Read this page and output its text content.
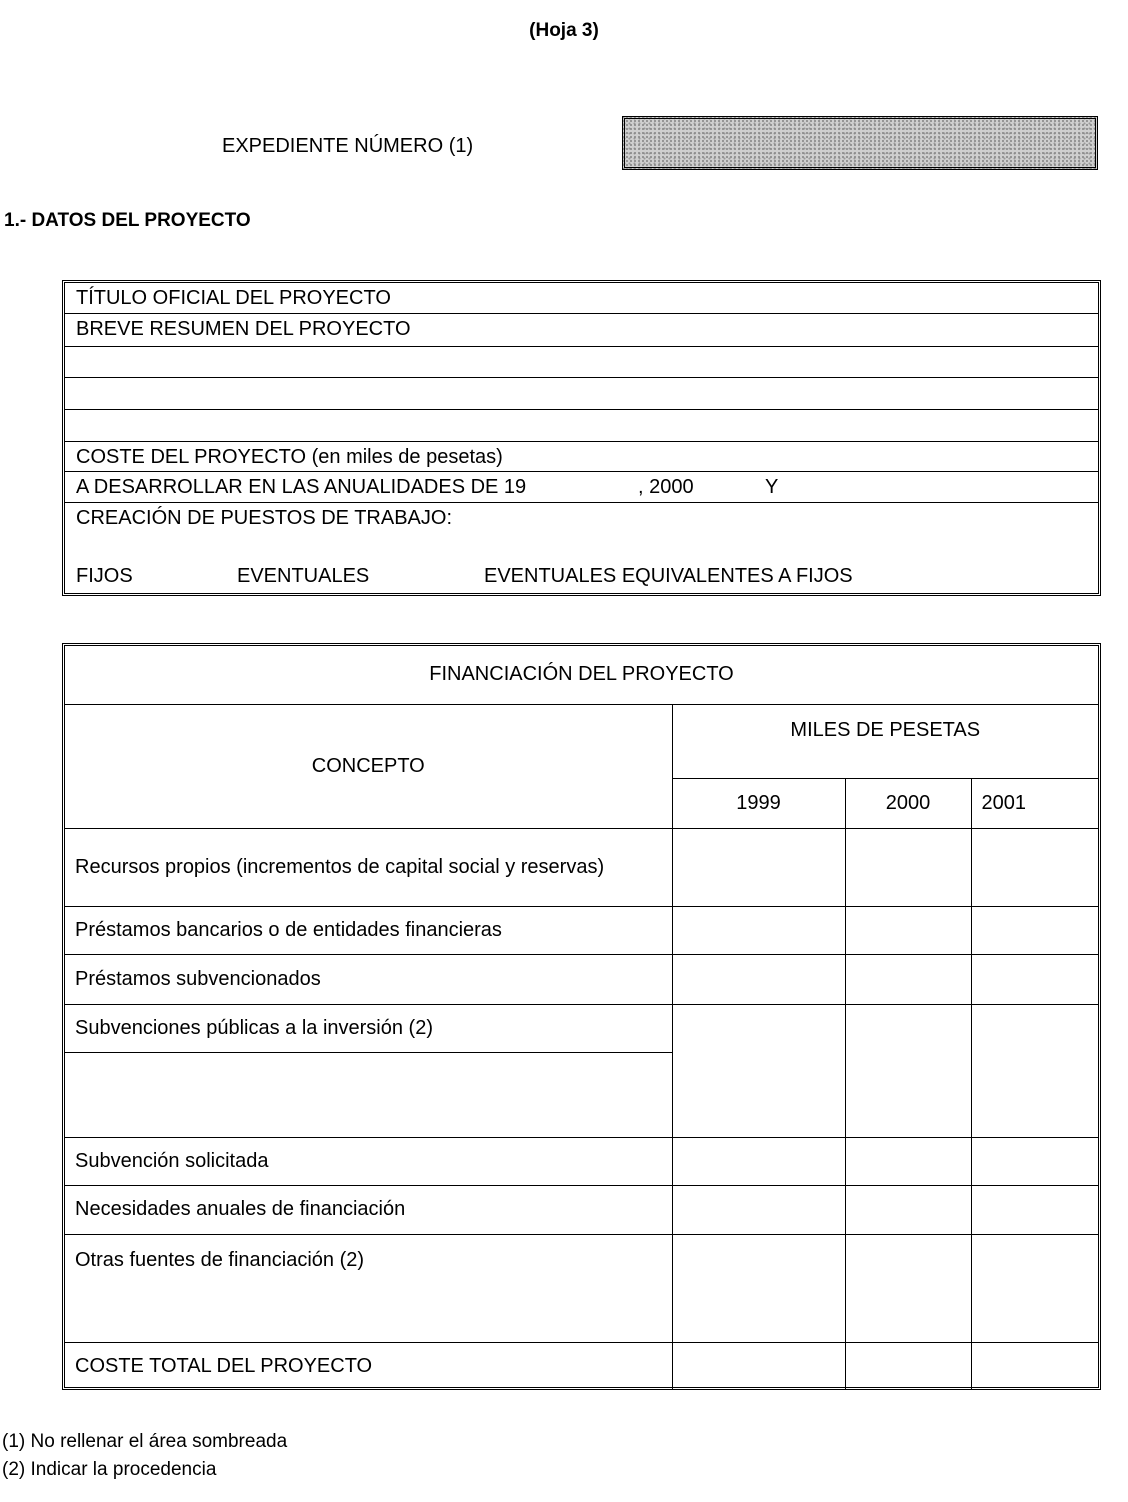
(Hoja 3)
EXPEDIENTE NÚMERO (1)
1.- DATOS DEL PROYECTO
TÍTULO OFICIAL DEL PROYECTO
BREVE RESUMEN DEL PROYECTO
COSTE DEL PROYECTO (en miles de pesetas)
A DESARROLLAR EN LAS ANUALIDADES DE 19	, 2000	Y
CREACIÓN DE PUESTOS DE TRABAJO:
FIJOS	EVENTUALES	EVENTUALES EQUIVALENTES A FIJOS
FINANCIACIÓN DEL PROYECTO			
CONCEPTO	MILES DE PESETAS		
	1999	2000	2001
Recursos propios (incrementos de capital social y reservas)			
Préstamos bancarios o de entidades financieras			
Préstamos subvencionados			
Subvenciones públicas a la inversión (2)			

Subvención solicitada			
Necesidades anuales de financiación			
Otras fuentes de financiación (2)			
COSTE TOTAL DEL PROYECTO			
(1) No rellenar el área sombreada
(2) Indicar la procedencia
